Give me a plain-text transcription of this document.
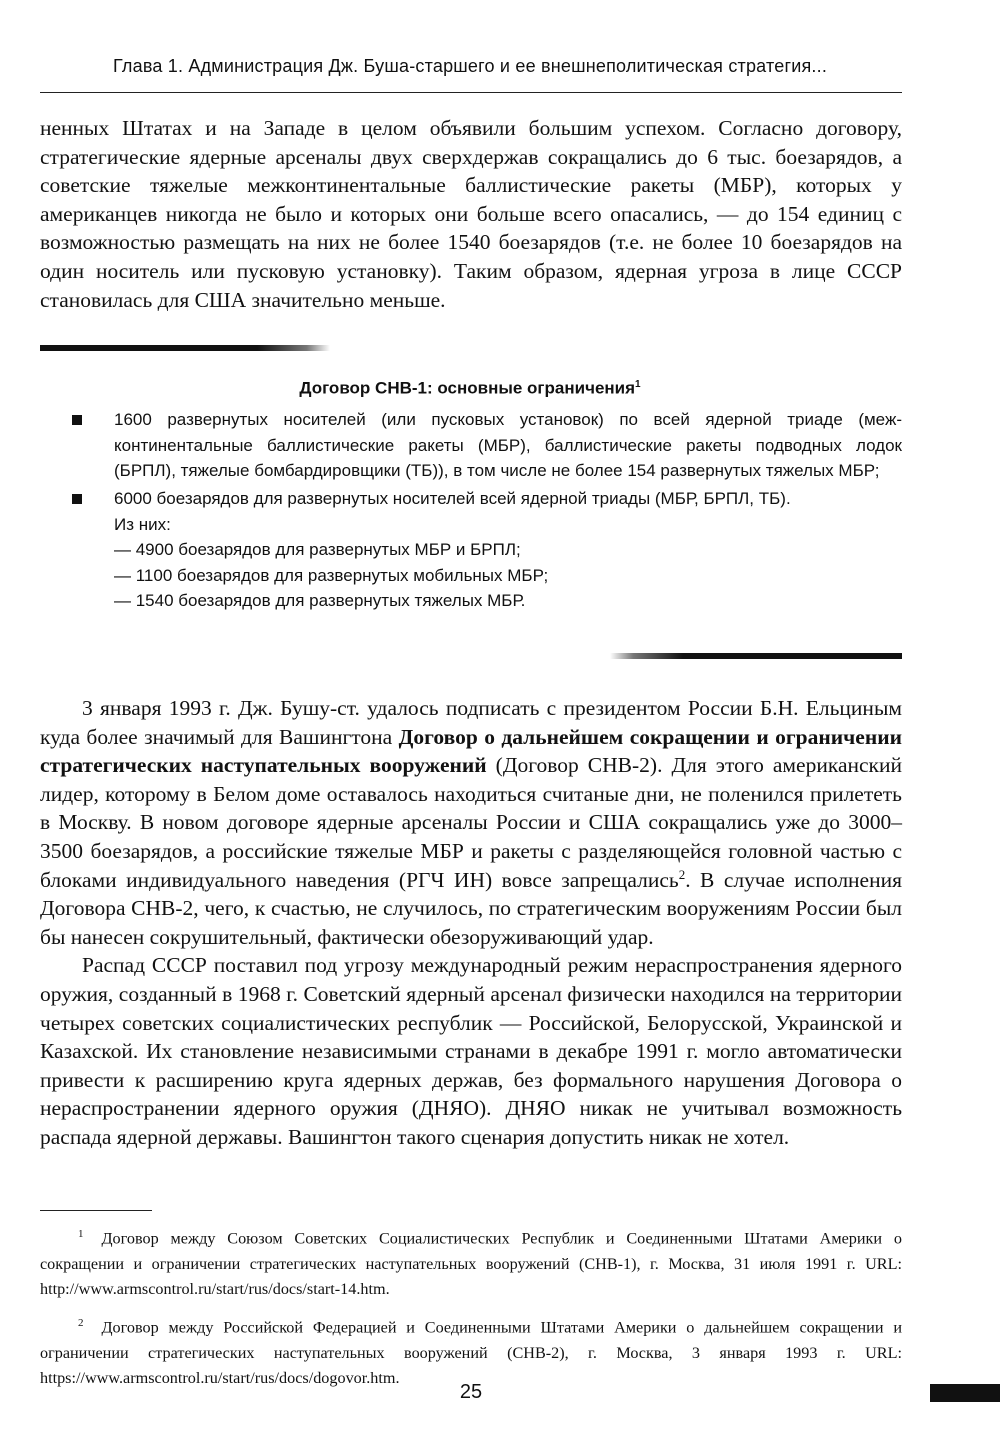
Глава 1. Администрация Дж. Буша-старшего и ее внешнеполитическая стратегия...

ненных Штатах и на Западе в целом объявили большим успехом. Согласно договору, стратегические ядерные арсеналы двух сверхдержав сокращались до 6 тыс. боезарядов, а советские тяжелые межконтинентальные баллистические ракеты (МБР), которых у американцев никогда не было и которых они больше всего опасались, — до 154 единиц с возможностью размещать на них не более 1540 боезарядов (т.е. не более 10 боезарядов на один носитель или пусковую установку). Таким образом, ядерная угроза в лице СССР становилась для США значительно меньше.

Договор СНВ-1: основные ограничения$^1$
1600 развернутых носителей (или пусковых установок) по всей ядерной триаде (межконтинентальные баллистические ракеты (МБР), баллистические ракеты подводных лодок (БРПЛ), тяжелые бомбардировщики (ТБ)), в том числе не более 154 развернутых тяжелых МБР;
6000 боезарядов для развернутых носителей всей ядерной триады (МБР, БРПЛ, ТБ).
Из них:
— 4900 боезарядов для развернутых МБР и БРПЛ;
— 1100 боезарядов для развернутых мобильных МБР;
— 1540 боезарядов для развернутых тяжелых МБР.

3 января 1993 г. Дж. Бушу-ст. удалось подписать с президентом России Б.Н. Ельциным куда более значимый для Вашингтона Договор о дальнейшем сокращении и ограничении стратегических наступательных вооружений (Договор СНВ-2). Для этого американский лидер, которому в Белом доме оставалось находиться считаные дни, не поленился прилететь в Москву. В новом договоре ядерные арсеналы России и США сокращались уже до 3000–3500 боезарядов, а российские тяжелые МБР и ракеты с разделяющейся головной частью с блоками индивидуального наведения (РГЧ ИН) вовсе запрещались$^2$. В случае исполнения Договора СНВ-2, чего, к счастью, не случилось, по стратегическим вооружениям России был бы нанесен сокрушительный, фактически обезоруживающий удар.

Распад СССР поставил под угрозу международный режим нераспространения ядерного оружия, созданный в 1968 г. Советский ядерный арсенал физически находился на территории четырех советских социалистических республик — Российской, Белорусской, Украинской и Казахской. Их становление независимыми странами в декабре 1991 г. могло автоматически привести к расширению круга ядерных держав, без формального нарушения Договора о нераспространении ядерного оружия (ДНЯО). ДНЯО никак не учитывал возможность распада ядерной державы. Вашингтон такого сценария допустить никак не хотел.

$^1$ Договор между Союзом Советских Социалистических Республик и Соединенными Штатами Америки о сокращении и ограничении стратегических наступательных вооружений (СНВ-1), г. Москва, 31 июля 1991 г. URL: http://www.armscontrol.ru/start/rus/docs/start-14.htm.

$^2$ Договор между Российской Федерацией и Соединенными Штатами Америки о дальнейшем сокращении и ограничении стратегических наступательных вооружений (СНВ-2), г. Москва, 3 января 1993 г. URL: https://www.armscontrol.ru/start/rus/docs/dogovor.htm.

25
